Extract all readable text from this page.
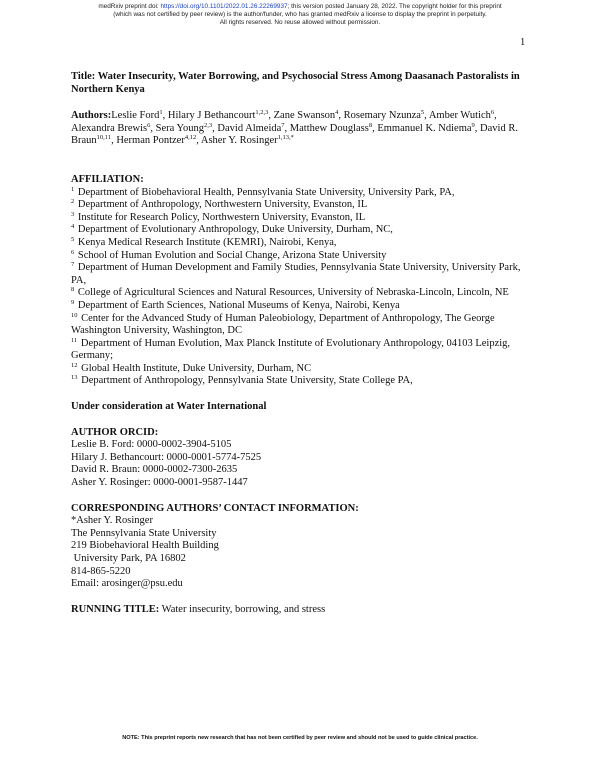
medRxiv preprint doi: https://doi.org/10.1101/2022.01.26.22269937; this version posted January 28, 2022. The copyright holder for this preprint
(which was not certified by peer review) is the author/funder, who has granted medRxiv a license to display the preprint in perpetuity.
All rights reserved. No reuse allowed without permission.
1

Title: Water Insecurity, Water Borrowing, and Psychosocial Stress Among Daasanach Pastoralists in Northern Kenya

Authors:Leslie Ford$^1$, Hilary J Bethancourt$^{1,2,3}$, Zane Swanson$^4$, Rosemary Nzunza$^5$, Amber Wutich$^6$, Alexandra Brewis$^6$, Sera Young$^{2,3}$, David Almeida$^7$, Matthew Douglass$^8$, Emmanuel K. Ndiema$^9$, David R. Braun$^{10,11}$, Herman Pontzer$^{4,12}$, Asher Y. Rosinger$^{1,13,*}$

AFFILIATION:

$^1$ Department of Biobehavioral Health, Pennsylvania State University, University Park, PA,

$^2$ Department of Anthropology, Northwestern University, Evanston, IL

$^3$ Institute for Research Policy, Northwestern University, Evanston, IL

$^4$ Department of Evolutionary Anthropology, Duke University, Durham, NC,

$^5$ Kenya Medical Research Institute (KEMRI), Nairobi, Kenya,

$^6$ School of Human Evolution and Social Change, Arizona State University

$^7$ Department of Human Development and Family Studies, Pennsylvania State University, University Park, PA,

$^8$ College of Agricultural Sciences and Natural Resources, University of Nebraska-Lincoln, Lincoln, NE

$^9$ Department of Earth Sciences, National Museums of Kenya, Nairobi, Kenya

$^{10}$ Center for the Advanced Study of Human Paleobiology, Department of Anthropology, The George Washington University, Washington, DC

$^{11}$ Department of Human Evolution, Max Planck Institute of Evolutionary Anthropology, 04103 Leipzig, Germany;

$^{12}$ Global Health Institute, Duke University, Durham, NC

$^{13}$ Department of Anthropology, Pennsylvania State University, State College PA,

Under consideration at Water International

AUTHOR ORCID:

Leslie B. Ford: 0000-0002-3904-5105

Hilary J. Bethancourt: 0000-0001-5774-7525

David R. Braun: 0000-0002-7300-2635

Asher Y. Rosinger: 0000-0001-9587-1447

CORRESPONDING AUTHORS’ CONTACT INFORMATION:

*Asher Y. Rosinger

The Pennsylvania State University

219 Biobehavioral Health Building

University Park, PA 16802

814-865-5220

Email: arosinger@psu.edu

RUNNING TITLE: Water insecurity, borrowing, and stress

NOTE: This preprint reports new research that has not been certified by peer review and should not be used to guide clinical practice.
